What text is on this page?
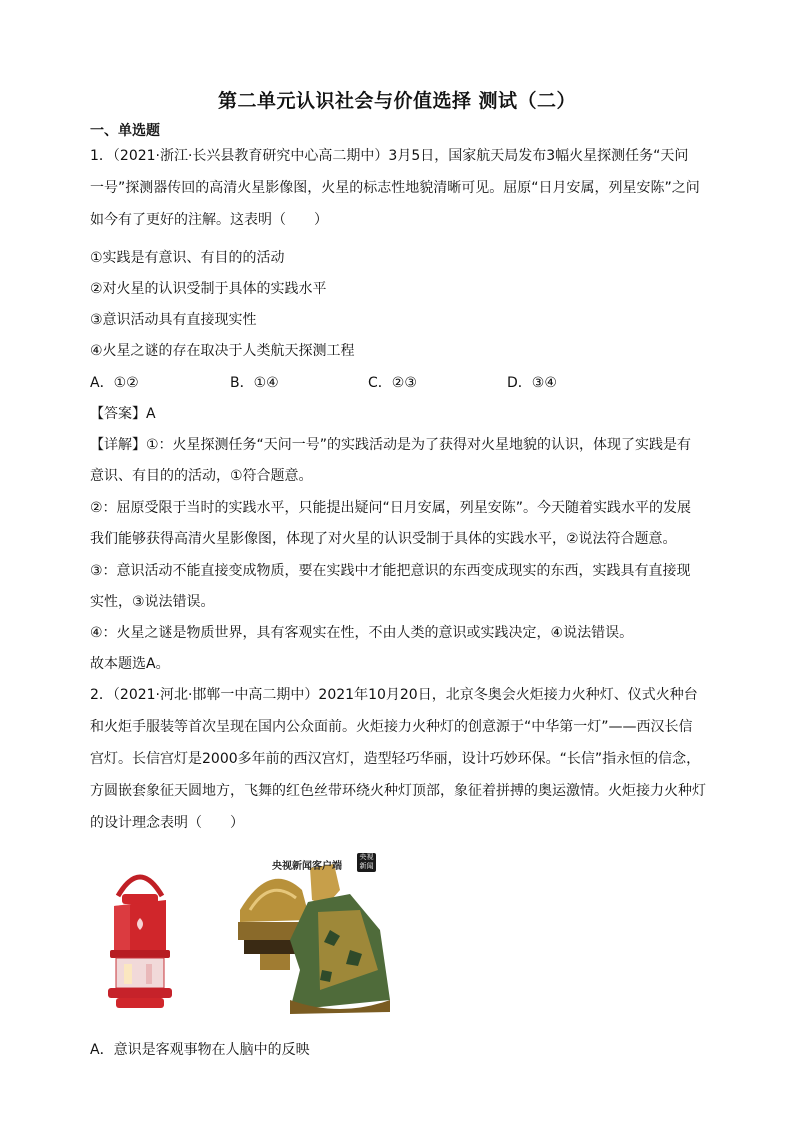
第二单元认识社会与价值选择 测试（二）
一、单选题
1．（2021·浙江·长兴县教育研究中心高二期中）3月5日，国家航天局发布3幅火星探测任务“天问
一号”探测器传回的高清火星影像图，火星的标志性地貌清晰可见。屈原“日月安属，列星安陈”之问
如今有了更好的注解。这表明（　　）
①实践是有意识、有目的的活动
②对火星的认识受制于具体的实践水平
③意识活动具有直接现实性
④火星之谜的存在取决于人类航天探测工程
A．①②	B．①④	C．②③	D．③④
【答案】A
【详解】①：火星探测任务“天问一号”的实践活动是为了获得对火星地貌的认识，体现了实践是有
意识、有目的的活动，①符合题意。
②：屈原受限于当时的实践水平，只能提出疑问“日月安属，列星安陈”。今天随着实践水平的发展
我们能够获得高清火星影像图，体现了对火星的认识受制于具体的实践水平，②说法符合题意。
③：意识活动不能直接变成物质，要在实践中才能把意识的东西变成现实的东西，实践具有直接现
实性，③说法错误。
④：火星之谜是物质世界，具有客观实在性，不由人类的意识或实践决定，④说法错误。
故本题选A。
2．（2021·河北·邯郸一中高二期中）2021年10月20日，北京冬奥会火炬接力火种灯、仪式火种台
和火炬手服装等首次呈现在国内公众面前。火炬接力火种灯的创意源于“中华第一灯”——西汉长信
宫灯。长信宫灯是2000多年前的西汉宫灯，造型轻巧华丽，设计巧妙环保。“长信”指永恒的信念，
方圆嵌套象征天圆地方，飞舞的红色丝带环绕火种灯顶部，象征着拼搏的奥运激情。火炬接力火种灯
的设计理念表明（　　）
央视新闻客户端
央视
新闻
A．意识是客观事物在人脑中的反映
